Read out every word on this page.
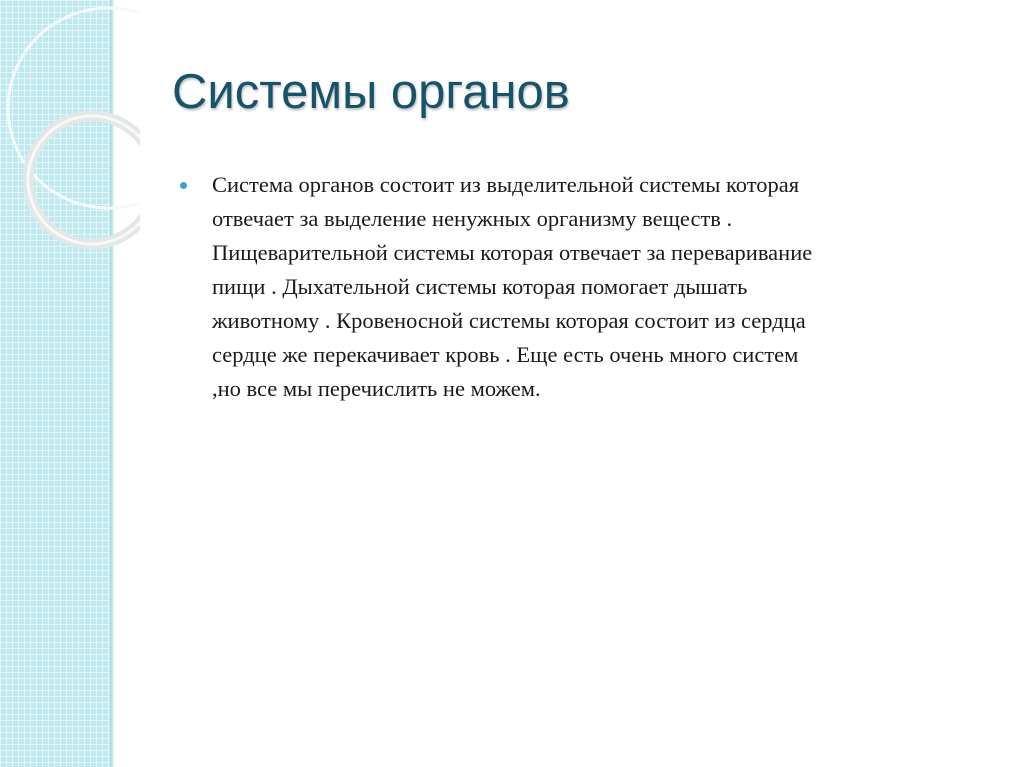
Системы органов
Система органов состоит из выделительной системы которая
отвечает за выделение ненужных организму веществ .
Пищеварительной системы которая отвечает за переваривание
пищи . Дыхательной системы которая помогает дышать
животному . Кровеносной системы которая состоит из сердца
сердце же перекачивает кровь . Еще есть очень много систем
,но все мы перечислить не можем.
